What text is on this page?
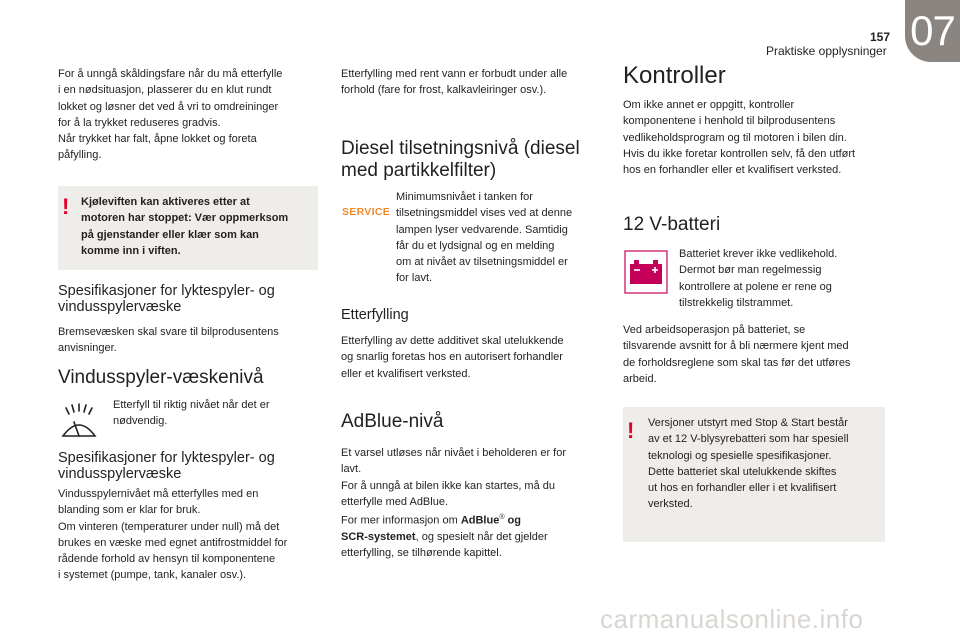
157
Praktiske opplysninger 07

For å unngå skåldingsfare når du må etterfylle
i en nødsituasjon, plasserer du en klut rundt
lokket og løsner det ved å vri to omdreininger
for å la trykket reduseres gradvis.
Når trykket har falt, åpne lokket og foreta
påfylling.

! Kjøleviften kan aktiveres etter at
motoren har stoppet: Vær oppmerksom
på gjenstander eller klær som kan
komme inn i viften.

Spesifikasjoner for lyktespyler- og
vindusspylervæske

Bremsevæsken skal svare til bilprodusentens
anvisninger.

Vindusspyler-væskenivå

Etterfyll til riktig nivået når det er
nødvendig.

Spesifikasjoner for lyktespyler- og
vindusspylervæske

Vindusspylernivået må etterfylles med en
blanding som er klar for bruk.
Om vinteren (temperaturer under null) må det
brukes en væske med egnet antifrostmiddel for
rådende forhold av hensyn til komponentene
i systemet (pumpe, tank, kanaler osv.).

Etterfylling med rent vann er forbudt under alle
forhold (fare for frost, kalkavleiringer osv.).

Diesel tilsetningsnivå (diesel
med partikkelfilter)
SERVICE

Minimumsnivået i tanken for
tilsetningsmiddel vises ved at denne
lampen lyser vedvarende. Samtidig
får du et lydsignal og en melding
om at nivået av tilsetningsmiddel er
for lavt.

Etterfylling

Etterfylling av dette additivet skal utelukkende
og snarlig foretas hos en autorisert forhandler
eller et kvalifisert verksted.

AdBlue-nivå

Et varsel utløses når nivået i beholderen er for
lavt.
For å unngå at bilen ikke kan startes, må du
etterfylle med AdBlue.
For mer informasjon om AdBlue® og
SCR-systemet, og spesielt når det gjelder
etterfylling, se tilhørende kapittel.

Kontroller

Om ikke annet er oppgitt, kontroller
komponentene i henhold til bilprodusentens
vedlikeholdsprogram og til motoren i bilen din.
Hvis du ikke foretar kontrollen selv, få den utført
hos en forhandler eller et kvalifisert verksted.

12 V-batteri

Batteriet krever ikke vedlikehold.
Dermot bør man regelmessig
kontrollere at polene er rene og
tilstrekkelig tilstrammet.

Ved arbeidsoperasjon på batteriet, se
tilsvarende avsnitt for å bli nærmere kjent med
de forholdsreglene som skal tas før det utføres
arbeid.

! Versjoner utstyrt med Stop & Start består
av et 12 V-blysyrebatteri som har spesiell
teknologi og spesielle spesifikasjoner.
Dette batteriet skal utelukkende skiftes
ut hos en forhandler eller i et kvalifisert
verksted.

carmanualsonline.info
